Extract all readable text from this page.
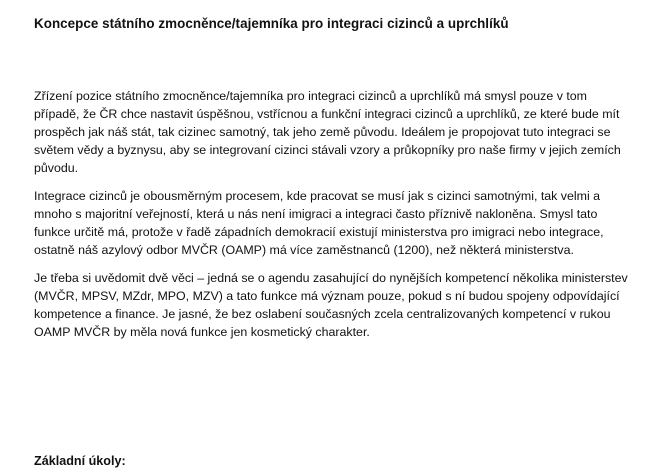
Koncepce státního zmocněnce/tajemníka pro integraci cizinců a uprchlíků

Zřízení pozice státního zmocněnce/tajemníka pro integraci cizinců a uprchlíků má smysl pouze v tom případě, že ČR chce nastavit úspěšnou, vstřícnou a funkční integraci cizinců a uprchlíků, ze které bude mít prospěch jak náš stát, tak cizinec samotný, tak jeho země původu. Ideálem je propojovat tuto integraci se světem vědy a byznysu, aby se integrovaní cizinci stávali vzory a průkopníky pro naše firmy v jejich zemích původu.

Integrace cizinců je obousměrným procesem, kde pracovat se musí jak s cizinci samotnými, tak velmi a mnoho s majoritní veřejností, která u nás není imigraci a integraci často příznivě nakloněna. Smysl tato funkce určitě má, protože v řadě západních demokracií existují ministerstva pro imigraci nebo integrace, ostatně náš azylový odbor MVČR (OAMP) má více zaměstnanců (1200), než některá ministerstva.

Je třeba si uvědomit dvě věci – jedná se o agendu zasahující do nynějších kompetencí několika ministerstev (MVČR, MPSV, MZdr, MPO, MZV) a tato funkce má význam pouze, pokud s ní budou spojeny odpovídající kompetence a finance. Je jasné, že bez oslabení současných zcela centralizovaných kompetencí v rukou OAMP MVČR by měla nová funkce jen kosmetický charakter.

Základní úkoly:
